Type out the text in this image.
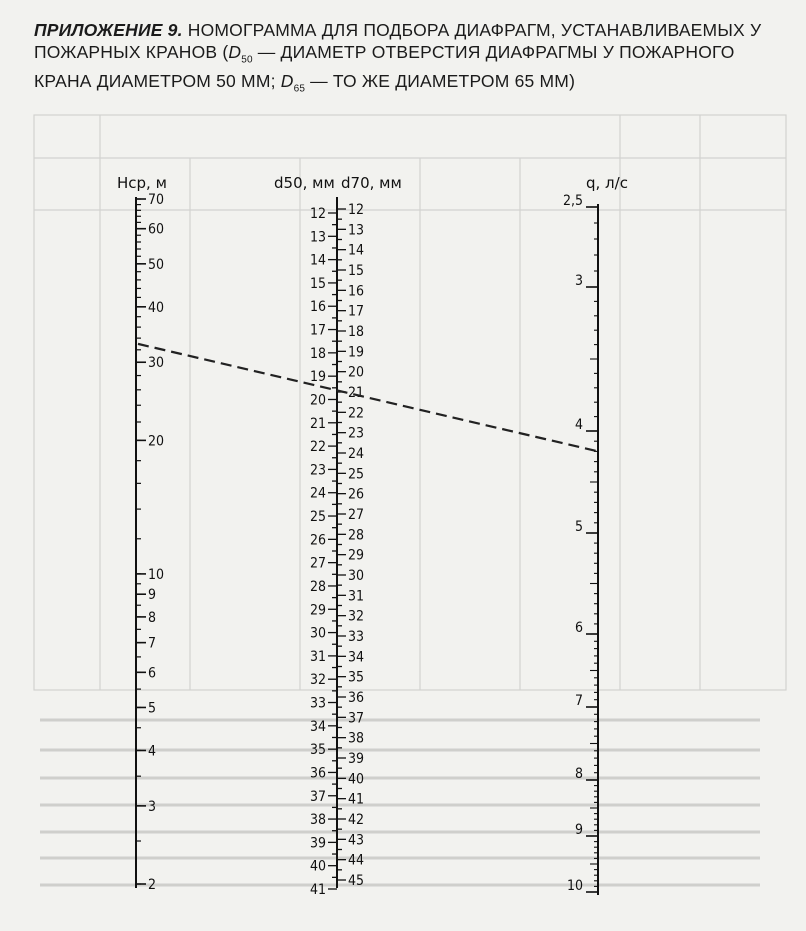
ПРИЛОЖЕНИЕ 9. НОМОГРАММА ДЛЯ ПОДБОРА ДИАФРАГМ, УСТАНАВЛИВАЕМЫХ У ПОЖАРНЫХ КРАНОВ ($D_{50}$ — ДИАМЕТР ОТВЕРСТИЯ ДИАФРАГМЫ У ПОЖАРНОГО КРАНА ДИАМЕТРОМ 50 ММ; $D_{65}$ — ТО ЖЕ ДИАМЕТРОМ 65 ММ)
Hср, м	d50, мм d70, мм	q, л/с
70
60
50
40
30
20
10
9
8
7
6
5
4
3
2
12
13
14
15
16
17
18
19
20
21
22
23
24
25
26
27
28
29
30
31
32
33
34
35
36
37
38
39
40
41
12
13
14
15
16
17
18
19
20
21
22
23
24
25
26
27
28
29
30
31
32
33
34
35
36
37
38
39
40
41
42
43
44
45
2,5
3
4
5
6
7
8
9
10
